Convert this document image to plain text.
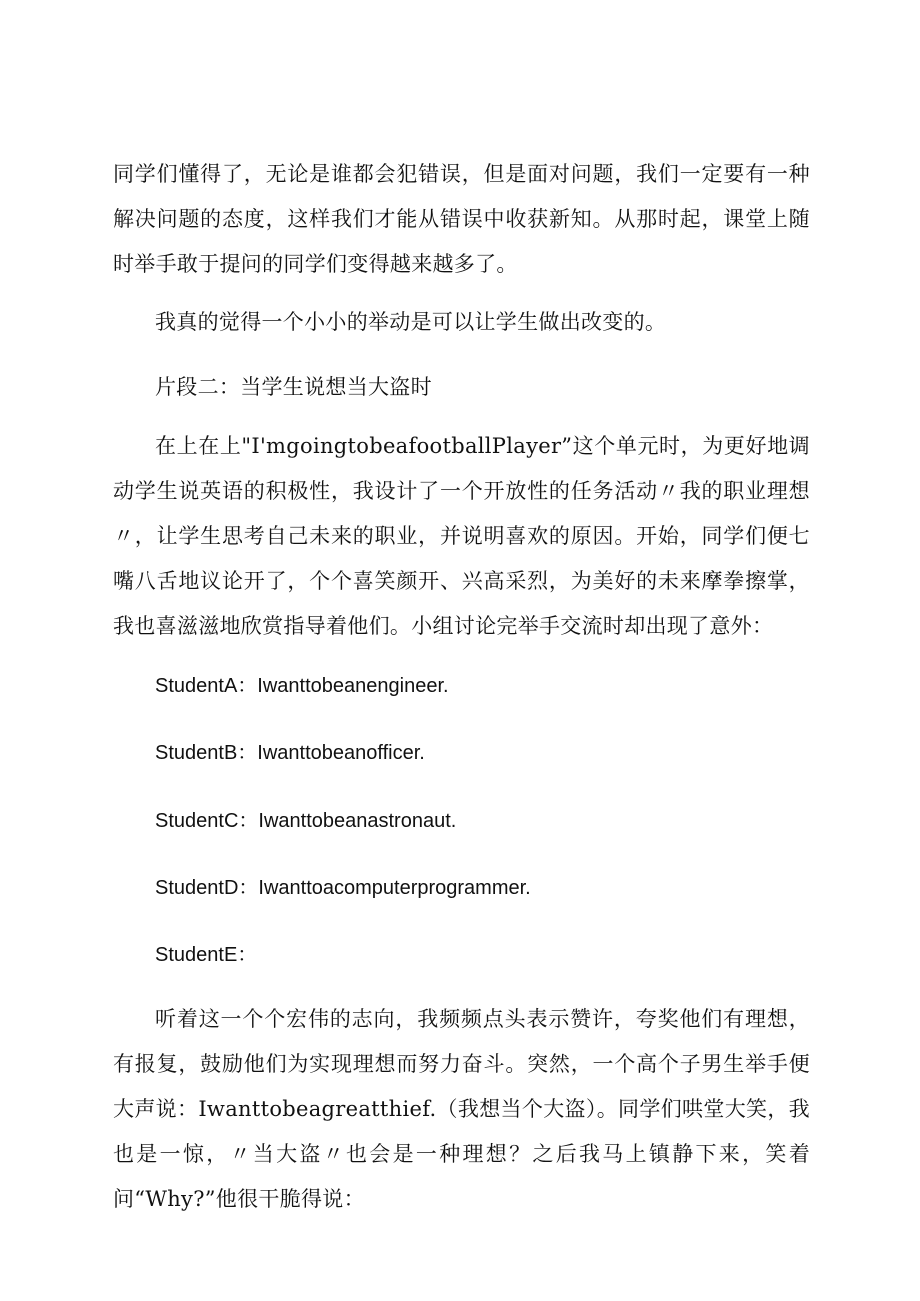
同学们懂得了，无论是谁都会犯错误，但是面对问题，我们一定要有一种解决问题的态度，这样我们才能从错误中收获新知。从那时起，课堂上随时举手敢于提问的同学们变得越来越多了。

我真的觉得一个小小的举动是可以让学生做出改变的。

片段二：当学生说想当大盗时

在上在上"I'mgoingtobeafootballPlayer”这个单元时，为更好地调动学生说英语的积极性，我设计了一个开放性的任务活动〃我的职业理想〃，让学生思考自己未来的职业，并说明喜欢的原因。开始，同学们便七嘴八舌地议论开了，个个喜笑颜开、兴高采烈，为美好的未来摩拳擦掌，我也喜滋滋地欣赏指导着他们。小组讨论完举手交流时却出现了意外：

StudentA：Iwanttobeanengineer.

StudentB：Iwanttobeanofficer.

StudentC：Iwanttobeanastronaut.

StudentD：Iwanttoacomputerprogrammer.

StudentE：

听着这一个个宏伟的志向，我频频点头表示赞许，夸奖他们有理想，有报复，鼓励他们为实现理想而努力奋斗。突然，一个高个子男生举手便大声说：Iwanttobeagreatthief.（我想当个大盗）。同学们哄堂大笑，我也是一惊，〃当大盗〃也会是一种理想？之后我马上镇静下来，笑着问“Why?”他很干脆得说：
